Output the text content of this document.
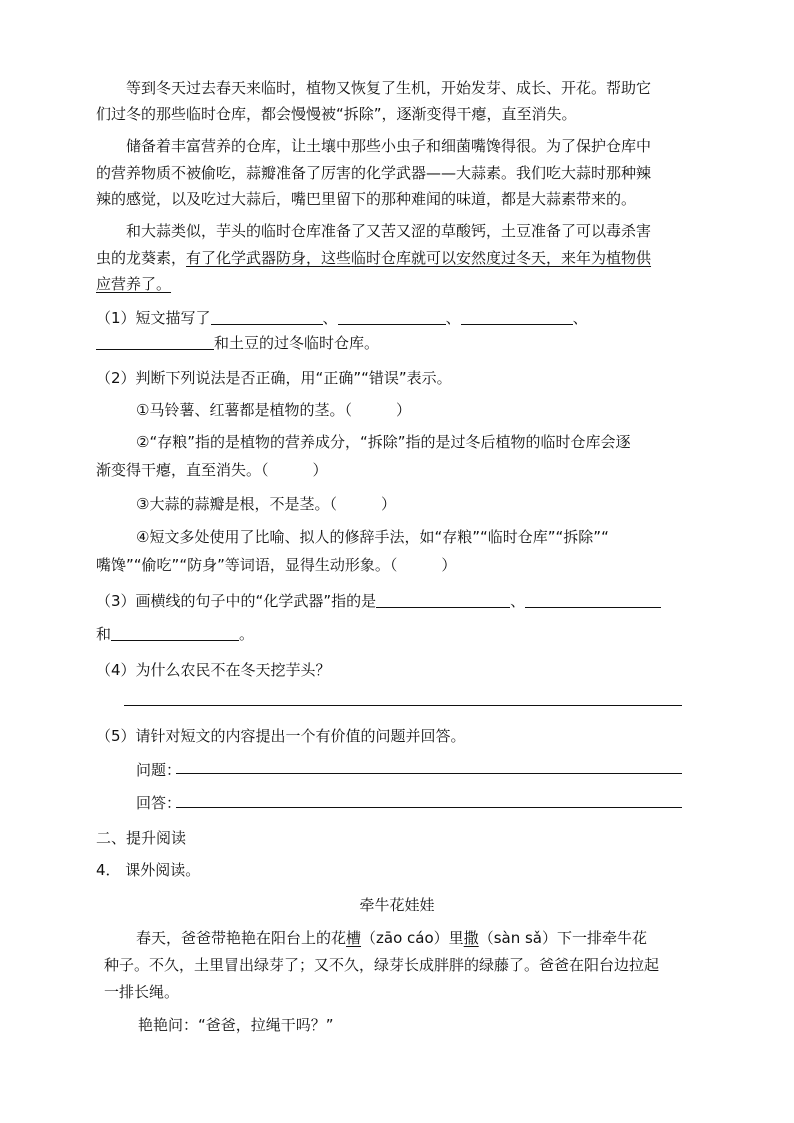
等到冬天过去春天来临时，植物又恢复了生机，开始发芽、成长、开花。帮助它
们过冬的那些临时仓库，都会慢慢被“拆除”，逐渐变得干瘪，直至消失。
储备着丰富营养的仓库，让土壤中那些小虫子和细菌嘴馋得很。为了保护仓库中
的营养物质不被偷吃，蒜瓣准备了厉害的化学武器——大蒜素。我们吃大蒜时那种辣
辣的感觉，以及吃过大蒜后，嘴巴里留下的那种难闻的味道，都是大蒜素带来的。
和大蒜类似，芋头的临时仓库准备了又苦又涩的草酸钙，土豆准备了可以毒杀害
虫的龙葵素，有了化学武器防身，这些临时仓库就可以安然度过冬天，来年为植物供
应营养了。
（1）短文描写了	、	、	、
和土豆的过冬临时仓库。
（2）判断下列说法是否正确，用“正确”“错误”表示。
①马铃薯、红薯都是植物的茎。（	）
②“存粮”指的是植物的营养成分，“拆除”指的是过冬后植物的临时仓库会逐
渐变得干瘪，直至消失。（	）
③大蒜的蒜瓣是根，不是茎。（	）
④短文多处使用了比喻、拟人的修辞手法，如“存粮”“临时仓库”“拆除”“
嘴馋”“偷吃”“防身”等词语，显得生动形象。（	）
（3）画横线的句子中的“化学武器”指的是	、
和	。
（4）为什么农民不在冬天挖芋头？
（5）请针对短文的内容提出一个有价值的问题并回答。
问题：
回答：
二、提升阅读
4． 课外阅读。
牵牛花娃娃
春天，爸爸带艳艳在阳台上的花槽（zāo cáo）里撒（sàn sǎ）下一排牵牛花
种子。不久，土里冒出绿芽了；又不久，绿芽长成胖胖的绿藤了。爸爸在阳台边拉起
一排长绳。
艳艳问：“爸爸，拉绳干吗？”
